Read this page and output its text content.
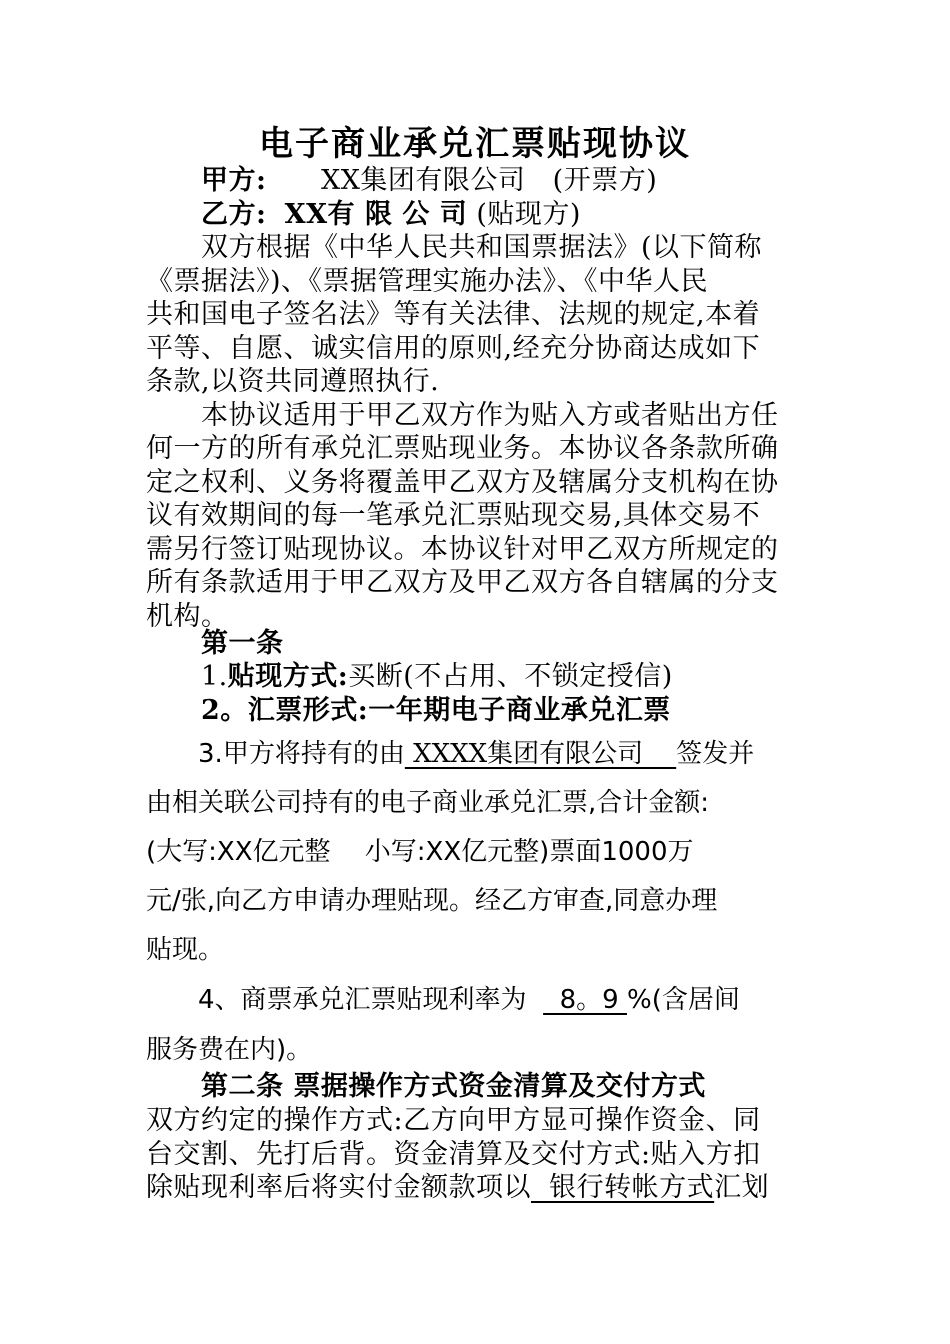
电子商业承兑汇票贴现协议
　　甲方: XX集团有限公司 (开票方)
　　乙方: XX有 限 公 司 (贴现方)
　　双方根据《中华人民共和国票据法》(以下简称
《票据法》)、《票据管理实施办法》、《中华人民
共和国电子签名法》等有关法律、法规的规定,本着
平等、自愿、诚实信用的原则,经充分协商达成如下
条款,以资共同遵照执行.
　　本协议适用于甲乙双方作为贴入方或者贴出方任
何一方的所有承兑汇票贴现业务。本协议各条款所确
定之权利、义务将覆盖甲乙双方及辖属分支机构在协
议有效期间的每一笔承兑汇票贴现交易,具体交易不
需另行签订贴现协议。本协议针对甲乙双方所规定的
所有条款适用于甲乙双方及甲乙双方各自辖属的分支
机构。
　　第一条
　　1.贴现方式:买断(不占用、不锁定授信)
　　2。汇票形式:一年期电子商业承兑汇票
　　3.甲方将持有的由 XXXX集团有限公司    签发并
由相关联公司持有的电子商业承兑汇票,合计金额:
(大写:XX亿元整　 小写:XX亿元整)票面1000万
元/张,向乙方申请办理贴现。经乙方审查,同意办理
贴现。
　　4、商票承兑汇票贴现利率为    8。9 %(含居间
服务费在内)。
　　第二条 票据操作方式资金清算及交付方式
双方约定的操作方式:乙方向甲方显可操作资金、同
台交割、先打后背。资金清算及交付方式:贴入方扣
除贴现利率后将实付金额款项以  银行转帐方式汇划
